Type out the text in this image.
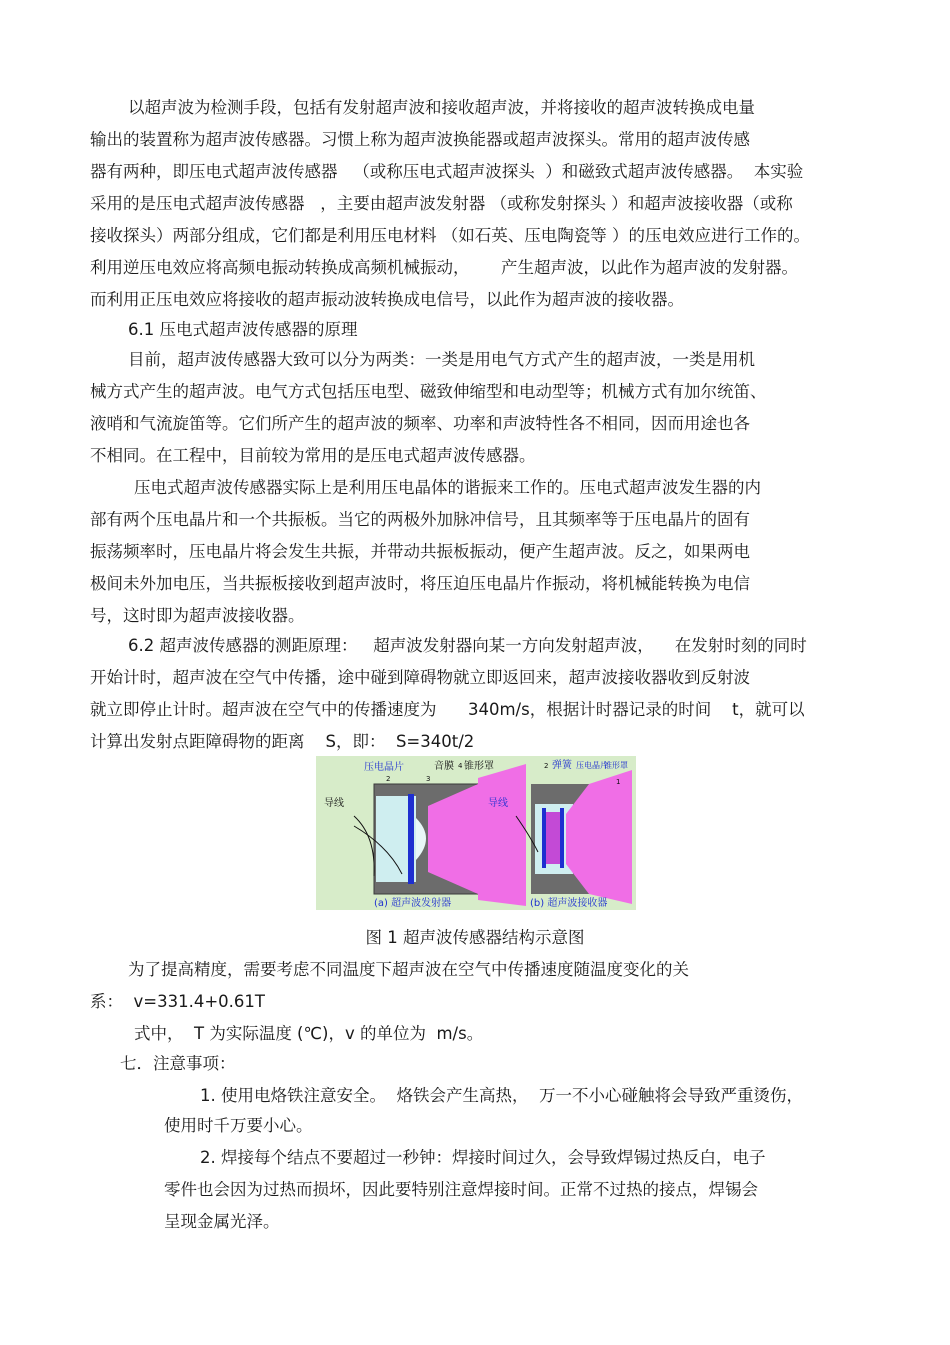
以超声波为检测手段，包括有发射超声波和接收超声波，并将接收的超声波转换成电量
输出的装置称为超声波传感器。习惯上称为超声波换能器或超声波探头。常用的超声波传感
器有两种，即压电式超声波传感器   （或称压电式超声波探头  ）和磁致式超声波传感器。  本实验
采用的是压电式超声波传感器   ，主要由超声波发射器 （或称发射探头 ）和超声波接收器（或称
接收探头）两部分组成，它们都是利用压电材料 （如石英、压电陶瓷等 ）的压电效应进行工作的。
利用逆压电效应将高频电振动转换成高频机械振动，      产生超声波，以此作为超声波的发射器。
而利用正压电效应将接收的超声振动波转换成电信号，以此作为超声波的接收器。
6.1 压电式超声波传感器的原理
目前，超声波传感器大致可以分为两类：一类是用电气方式产生的超声波，一类是用机
械方式产生的超声波。电气方式包括压电型、磁致伸缩型和电动型等；机械方式有加尔统笛、
液哨和气流旋笛等。它们所产生的超声波的频率、功率和声波特性各不相同，因而用途也各
不相同。在工程中，目前较为常用的是压电式超声波传感器。
压电式超声波传感器实际上是利用压电晶体的谐振来工作的。压电式超声波发生器的内
部有两个压电晶片和一个共振板。当它的两极外加脉冲信号，且其频率等于压电晶片的固有
振荡频率时，压电晶片将会发生共振，并带动共振板振动，便产生超声波。反之，如果两电
极间未外加电压，当共振板接收到超声波时，将压迫压电晶片作振动，将机械能转换为电信
号，这时即为超声波接收器。
6.2 超声波传感器的测距原理：   超声波发射器向某一方向发射超声波，    在发射时刻的同时
开始计时，超声波在空气中传播，途中碰到障碍物就立即返回来，超声波接收器收到反射波
就立即停止计时。超声波在空气中的传播速度为      340m/s，根据计时器记录的时间    t，就可以
计算出发射点距障碍物的距离    S，即：  S=340t/2
压电晶片	音膜 锥形罩
导线
2	3
4
(a) 超声波发射器
弹簧 压电晶片
锥形罩
导线
2
(b) 超声波接收器
1
图 1 超声波传感器结构示意图
为了提高精度，需要考虑不同温度下超声波在空气中传播速度随温度变化的关
系：  v=331.4+0.61T
式中，  T 为实际温度 (℃)，v 的单位为  m/s。
七．注意事项：
1. 使用电烙铁注意安全。  烙铁会产生高热，  万一不小心碰触将会导致严重烫伤，
使用时千万要小心。
2. 焊接每个结点不要超过一秒钟：焊接时间过久，会导致焊锡过热反白，电子
零件也会因为过热而损坏，因此要特别注意焊接时间。正常不过热的接点，焊锡会
呈现金属光泽。
